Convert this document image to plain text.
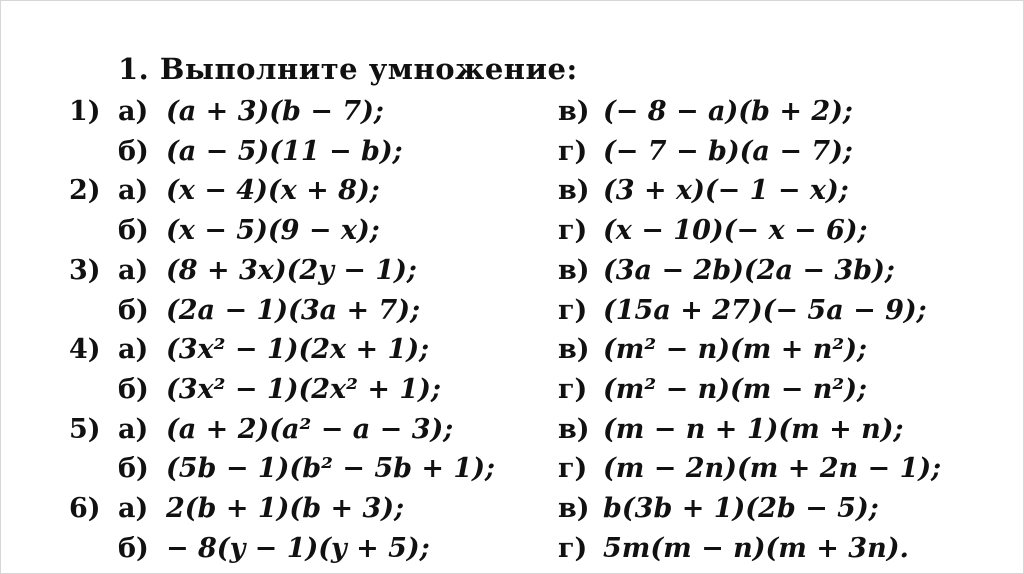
1. Выполните умножение:
1) а) (a + 3)(b − 7);	в) (− 8 − a)(b + 2);
б) (a − 5)(11 − b);	г) (− 7 − b)(a − 7);
2) а) (x − 4)(x + 8);	в) (3 + x)(− 1 − x);
б) (x − 5)(9 − x);	г) (x − 10)(− x − 6);
3) а) (8 + 3x)(2y − 1);	в) (3a − 2b)(2a − 3b);
б) (2a − 1)(3a + 7);	г) (15a + 27)(− 5a − 9);
4) а) (3x² − 1)(2x + 1);	в) (m² − n)(m + n²);
б) (3x² − 1)(2x² + 1);	г) (m² − n)(m − n²);
5) а) (a + 2)(a² − a − 3);	в) (m − n + 1)(m + n);
б) (5b − 1)(b² − 5b + 1); г) (m − 2n)(m + 2n − 1);
6) а) 2(b + 1)(b + 3);	в) b(3b + 1)(2b − 5);
б) − 8(y − 1)(y + 5);	г) 5m(m − n)(m + 3n).
